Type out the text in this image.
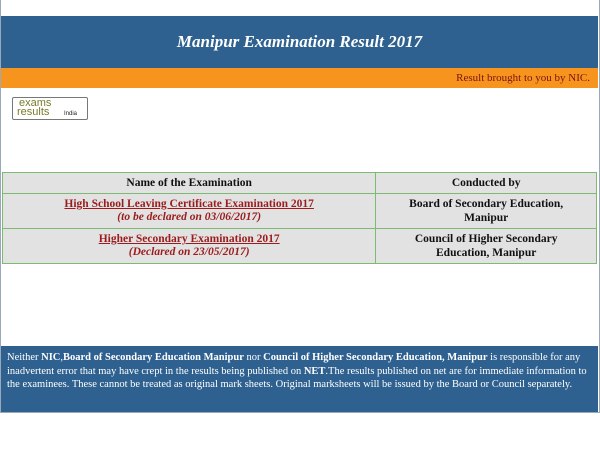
Manipur Examination Result 2017
Result brought to you by NIC.
exams
results India
Name of the Examination	Conducted by

High School Leaving Certificate Examination 2017
(to be declared on 03/06/2017)	Board of Secondary Education,
Manipur

Higher Secondary Examination 2017
(Declared on 23/05/2017)	Council of Higher Secondary
Education, Manipur
Neither NIC,Board of Secondary Education Manipur nor Council of Higher Secondary Education, Manipur is responsible for any inadvertent error that may have crept in the results being published on NET.The results published on net are for immediate information to the examinees. These cannot be treated as original mark sheets. Original marksheets will be issued by the Board or Council separately.
